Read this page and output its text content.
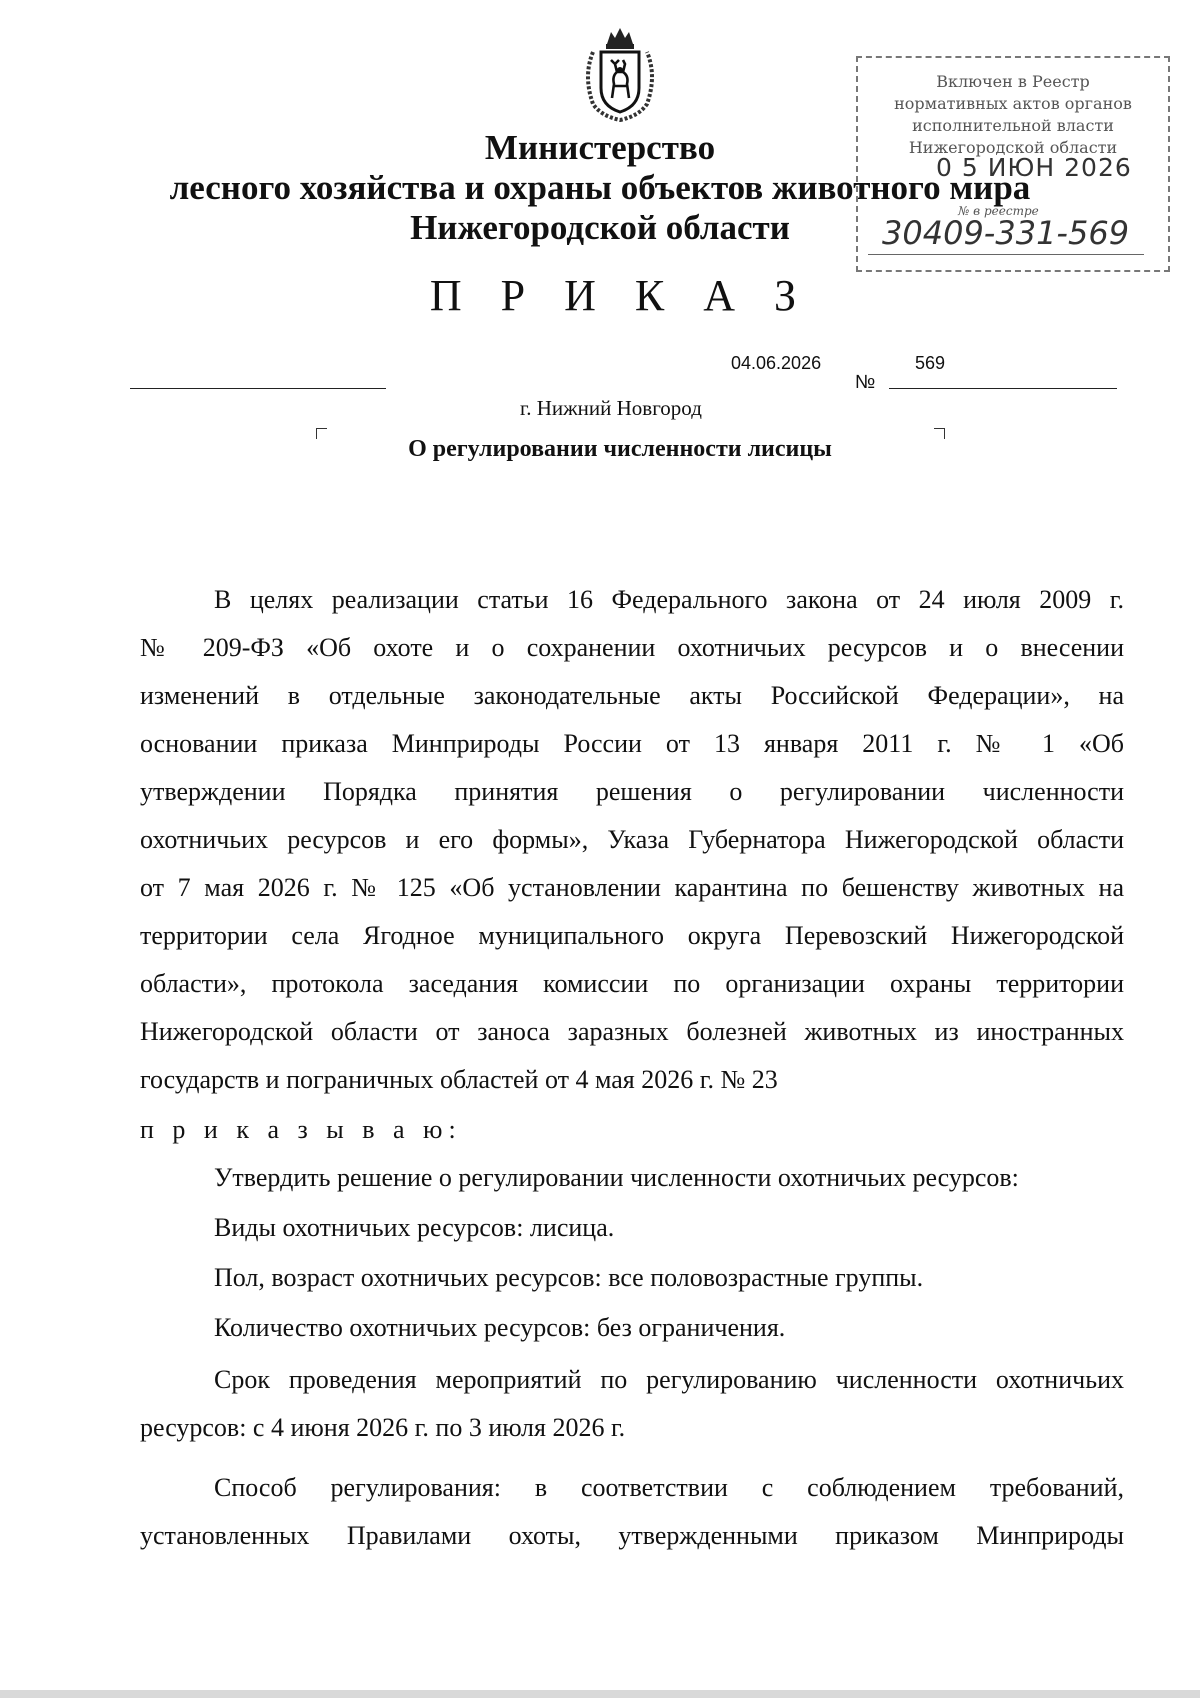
Министерство
лесного хозяйства и охраны объектов животного мира
Нижегородской области
Включен в Реестр
нормативных актов органов
исполнительной власти
Нижегородской области
0 5 ИЮН 2026
№ в реестре
30409-331-569
П Р И К А З
04.06.2026	569
№
г. Нижний Новгород
О регулировании численности лисицы
В целях реализации статьи 16 Федерального закона от 24 июля 2009 г.
№ 209-ФЗ «Об охоте и о сохранении охотничьих ресурсов и о внесении
изменений в отдельные законодательные акты Российской Федерации», на
основании приказа Минприроды России от 13 января 2011 г. № 1 «Об
утверждении Порядка принятия решения о регулировании численности
охотничьих ресурсов и его формы», Указа Губернатора Нижегородской области
от 7 мая 2026 г. № 125 «Об установлении карантина по бешенству животных на
территории села Ягодное муниципального округа Перевозский Нижегородской
области», протокола заседания комиссии по организации охраны территории
Нижегородской области от заноса заразных болезней животных из иностранных
государств и пограничных областей от 4 мая 2026 г. № 23
п р и к а з ы в а ю:
Утвердить решение о регулировании численности охотничьих ресурсов:
Виды охотничьих ресурсов: лисица.
Пол, возраст охотничьих ресурсов: все половозрастные группы.
Количество охотничьих ресурсов: без ограничения.
Срок проведения мероприятий по регулированию численности охотничьих
ресурсов: с 4 июня 2026 г. по 3 июля 2026 г.
Способ регулирования: в соответствии с соблюдением требований,
установленных Правилами охоты, утвержденными приказом Минприроды
